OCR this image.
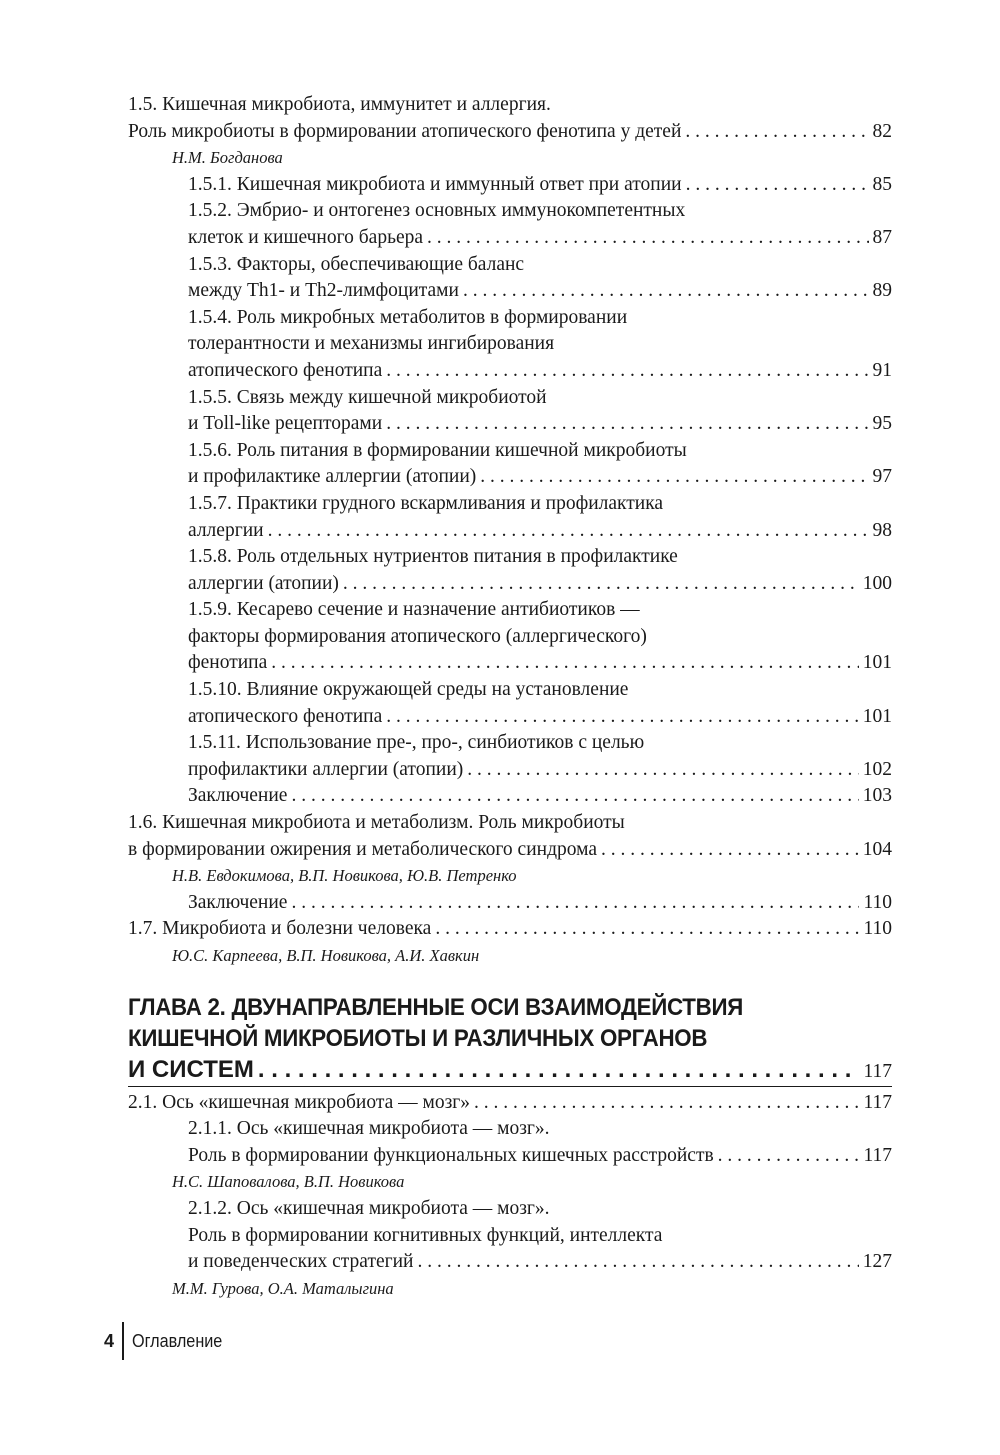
1.5. Кишечная микробиота, иммунитет и аллергия.
Роль микробиоты в формировании атопического фенотипа у детей . . .	82
Н.М. Богданова
1.5.1. Кишечная микробиота и иммунный ответ при атопии . . .	85
1.5.2. Эмбрио- и онтогенез основных иммунокомпетентных
клеток и кишечного барьера . . .	87
1.5.3. Факторы, обеспечивающие баланс
между Th1- и Th2-лимфоцитами . . .	89
1.5.4. Роль микробных метаболитов в формировании
толерантности и механизмы ингибирования
атопического фенотипа . . .	91
1.5.5. Связь между кишечной микробиотой
и Toll-like рецепторами . . .	95
1.5.6. Роль питания в формировании кишечной микробиоты
и профилактике аллергии (атопии) . . .	97
1.5.7. Практики грудного вскармливания и профилактика
аллергии . . .	98
1.5.8. Роль отдельных нутриентов питания в профилактике
аллергии (атопии) . . .	100
1.5.9. Кесарево сечение и назначение антибиотиков —
факторы формирования атопического (аллергического)
фенотипа . . .	101
1.5.10. Влияние окружающей среды на установление
атопического фенотипа . . .	101
1.5.11. Использование пре-, про-, синбиотиков с целью
профилактики аллергии (атопии) . . .	102
Заключение . . .	103
1.6. Кишечная микробиота и метаболизм. Роль микробиоты
в формировании ожирения и метаболического синдрома . . .	104
Н.В. Евдокимова, В.П. Новикова, Ю.В. Петренко
Заключение . . .	110
1.7. Микробиота и болезни человека . . .	110
Ю.С. Карпеева, В.П. Новикова, А.И. Хавкин
ГЛАВА 2. ДВУНАПРАВЛЕННЫЕ ОСИ ВЗАИМОДЕЙСТВИЯ
КИШЕЧНОЙ МИКРОБИОТЫ И РАЗЛИЧНЫХ ОРГАНОВ
И СИСТЕМ . . .	117
2.1. Ось «кишечная микробиота — мозг» . . .	117
2.1.1. Ось «кишечная микробиота — мозг».
Роль в формировании функциональных кишечных расстройств . . .	117
Н.С. Шаповалова, В.П. Новикова
2.1.2. Ось «кишечная микробиота — мозг».
Роль в формировании когнитивных функций, интеллекта
и поведенческих стратегий . . .	127
М.М. Гурова, О.А. Маталыгина
4 Оглавление
